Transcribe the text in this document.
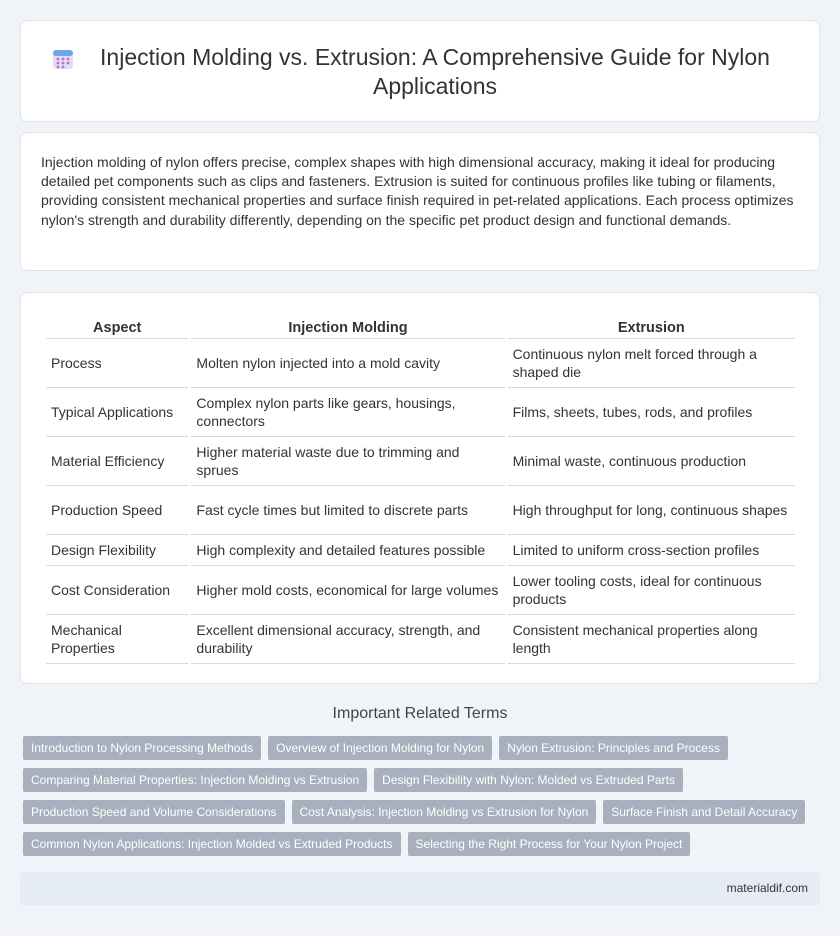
Injection Molding vs. Extrusion: A Comprehensive Guide for Nylon Applications

Injection molding of nylon offers precise, complex shapes with high dimensional accuracy, making it ideal for producing detailed pet components such as clips and fasteners. Extrusion is suited for continuous profiles like tubing or filaments, providing consistent mechanical properties and surface finish required in pet-related applications. Each process optimizes nylon's strength and durability differently, depending on the specific pet product design and functional demands.

Aspect	Injection Molding	Extrusion
Process	Molten nylon injected into a mold cavity	Continuous nylon melt forced through a shaped die
Typical Applications	Complex nylon parts like gears, housings, connectors	Films, sheets, tubes, rods, and profiles
Material Efficiency	Higher material waste due to trimming and sprues	Minimal waste, continuous production
Production Speed	Fast cycle times but limited to discrete parts	High throughput for long, continuous shapes
Design Flexibility	High complexity and detailed features possible	Limited to uniform cross-section profiles
Cost Consideration	Higher mold costs, economical for large volumes	Lower tooling costs, ideal for continuous products
Mechanical Properties	Excellent dimensional accuracy, strength, and durability	Consistent mechanical properties along length
Important Related Terms
Introduction to Nylon Processing Methods	Overview of Injection Molding for Nylon	Nylon Extrusion: Principles and Process
Comparing Material Properties: Injection Molding vs Extrusion	Design Flexibility with Nylon: Molded vs Extruded Parts
Production Speed and Volume Considerations	Cost Analysis: Injection Molding vs Extrusion for Nylon	Surface Finish and Detail Accuracy
Common Nylon Applications: Injection Molded vs Extruded Products	Selecting the Right Process for Your Nylon Project
materialdif.com
